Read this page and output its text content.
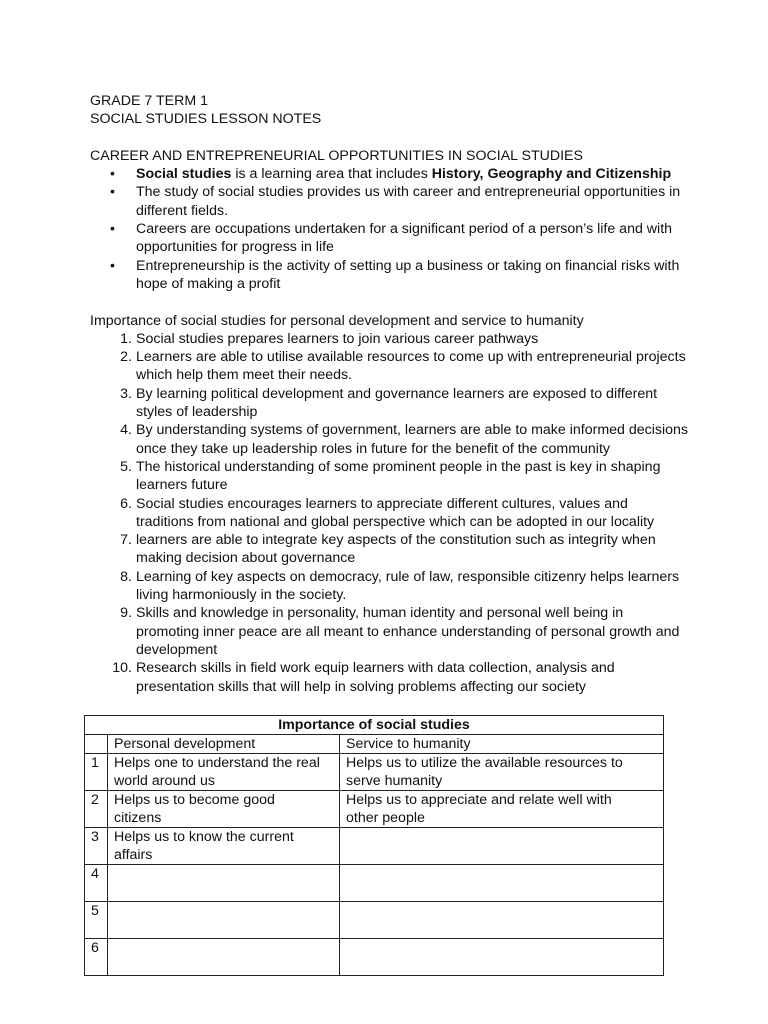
GRADE 7 TERM 1
SOCIAL STUDIES LESSON NOTES
CAREER AND ENTREPRENEURIAL OPPORTUNITIES IN SOCIAL STUDIES
• Social studies is a learning area that includes History, Geography and Citizenship
• The study of social studies provides us with career and entrepreneurial opportunities in
different fields.
• Careers are occupations undertaken for a significant period of a person’s life and with
opportunities for progress in life
• Entrepreneurship is the activity of setting up a business or taking on financial risks with
hope of making a profit
Importance of social studies for personal development and service to humanity
1. Social studies prepares learners to join various career pathways
2. Learners are able to utilise available resources to come up with entrepreneurial projects
which help them meet their needs.
3. By learning political development and governance learners are exposed to different
styles of leadership
4. By understanding systems of government, learners are able to make informed decisions
once they take up leadership roles in future for the benefit of the community
5. The historical understanding of some prominent people in the past is key in shaping
learners future
6. Social studies encourages learners to appreciate different cultures, values and
traditions from national and global perspective which can be adopted in our locality
7. learners are able to integrate key aspects of the constitution such as integrity when
making decision about governance
8. Learning of key aspects on democracy, rule of law, responsible citizenry helps learners
living harmoniously in the society.
9. Skills and knowledge in personality, human identity and personal well being in
promoting inner peace are all meant to enhance understanding of personal growth and
development
10. Research skills in field work equip learners with data collection, analysis and
presentation skills that will help in solving problems affecting our society
Importance of social studies		
	Personal development	Service to humanity
1	Helps one to understand the real
world around us	Helps us to utilize the available resources to
serve humanity

2	Helps us to become good
citizens	Helps us to appreciate and relate well with
other people

3	Helps us to know the current
affairs	

4		
5		
6		
